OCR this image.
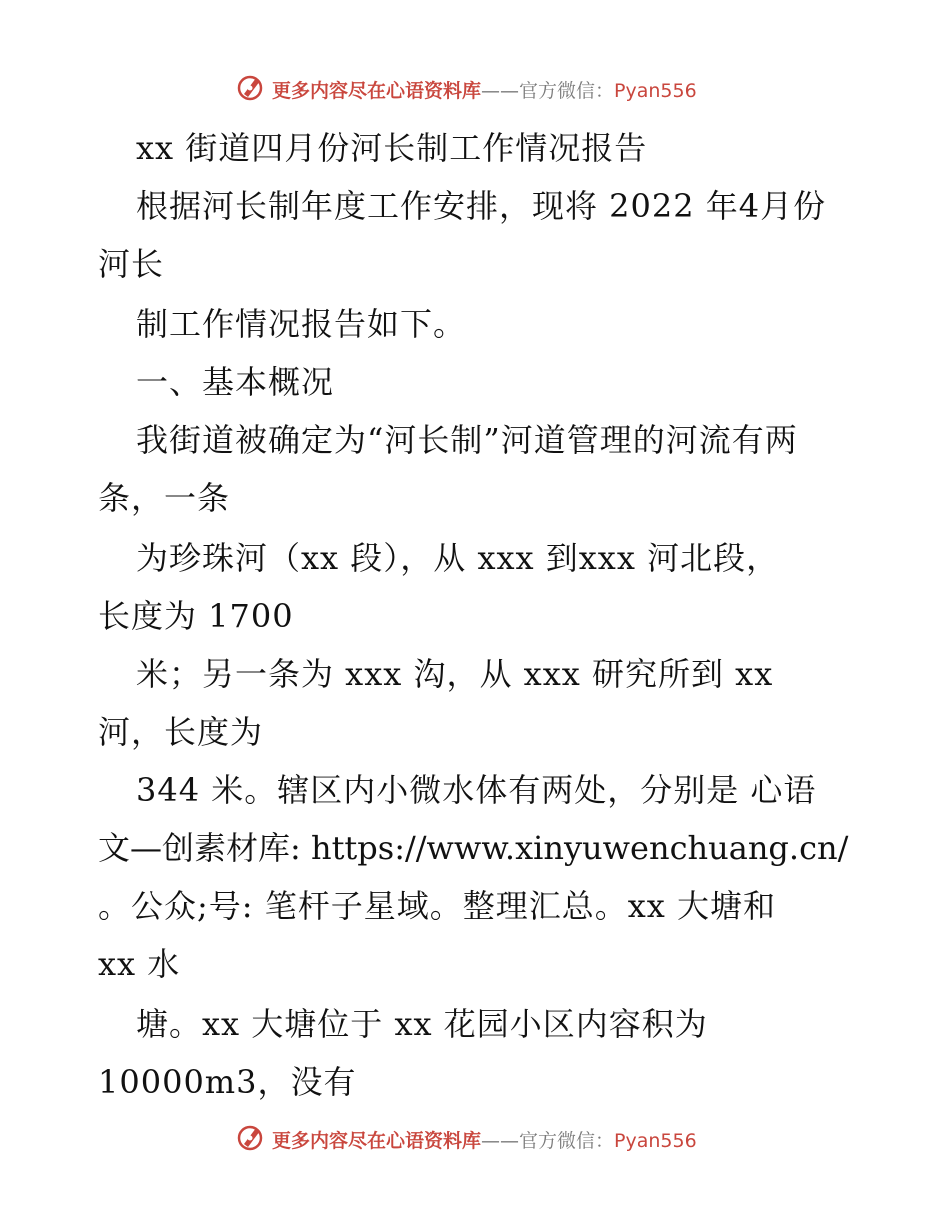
更多内容尽在心语资料库——官方微信：Pyan556
xx 街道四月份河长制工作情况报告
根据河长制年度工作安排，现将 2022 年4月份
河长
制工作情况报告如下。
一、基本概况
我街道被确定为“河长制”河道管理的河流有两
条，一条
为珍珠河（xx 段），从 xxx 到xxx 河北段，
长度为 1700
米；另一条为 xxx 沟，从 xxx 研究所到 xx
河，长度为
344 米。辖区内小微水体有两处，分别是 心语
文—创素材库: https://www.xinyuwenchuang.cn/
。公众;号: 笔杆子星域。整理汇总。xx 大塘和
xx 水
塘。xx 大塘位于 xx 花园小区内容积为
10000m3，没有
更多内容尽在心语资料库——官方微信：Pyan556
